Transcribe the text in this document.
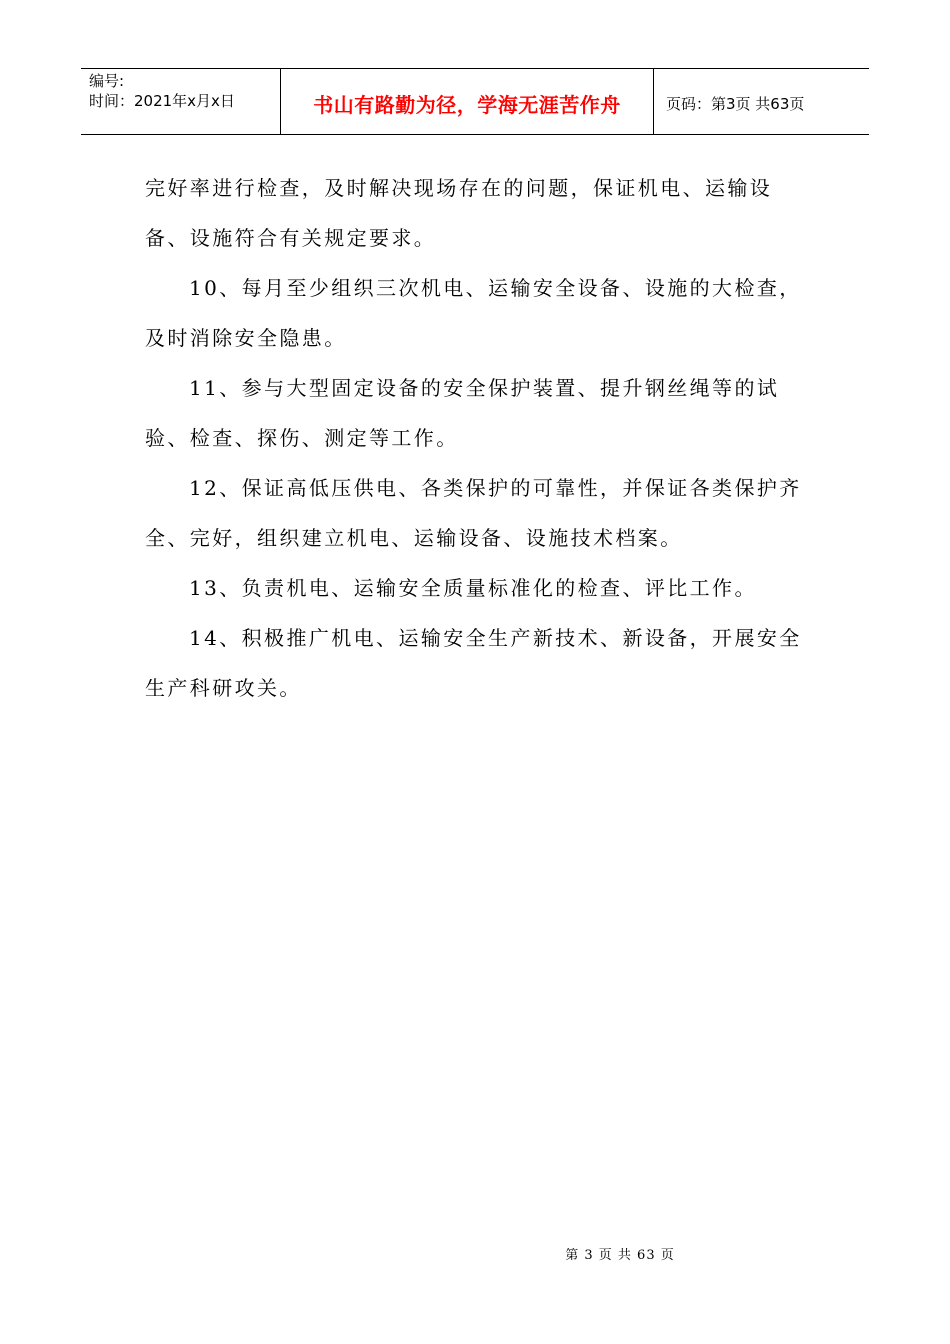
编号:
时间：2021年x月x日	书山有路勤为径，学海无涯苦作舟	页码：第3页 共63页

完好率进行检查，及时解决现场存在的问题，保证机电、运输设备、设施符合有关规定要求。

10、每月至少组织三次机电、运输安全设备、设施的大检查，及时消除安全隐患。

11、参与大型固定设备的安全保护装置、提升钢丝绳等的试验、检查、探伤、测定等工作。

12、保证高低压供电、各类保护的可靠性，并保证各类保护齐全、完好，组织建立机电、运输设备、设施技术档案。

13、负责机电、运输安全质量标准化的检查、评比工作。

14、积极推广机电、运输安全生产新技术、新设备，开展安全生产科研攻关。

第 3 页 共 63 页
